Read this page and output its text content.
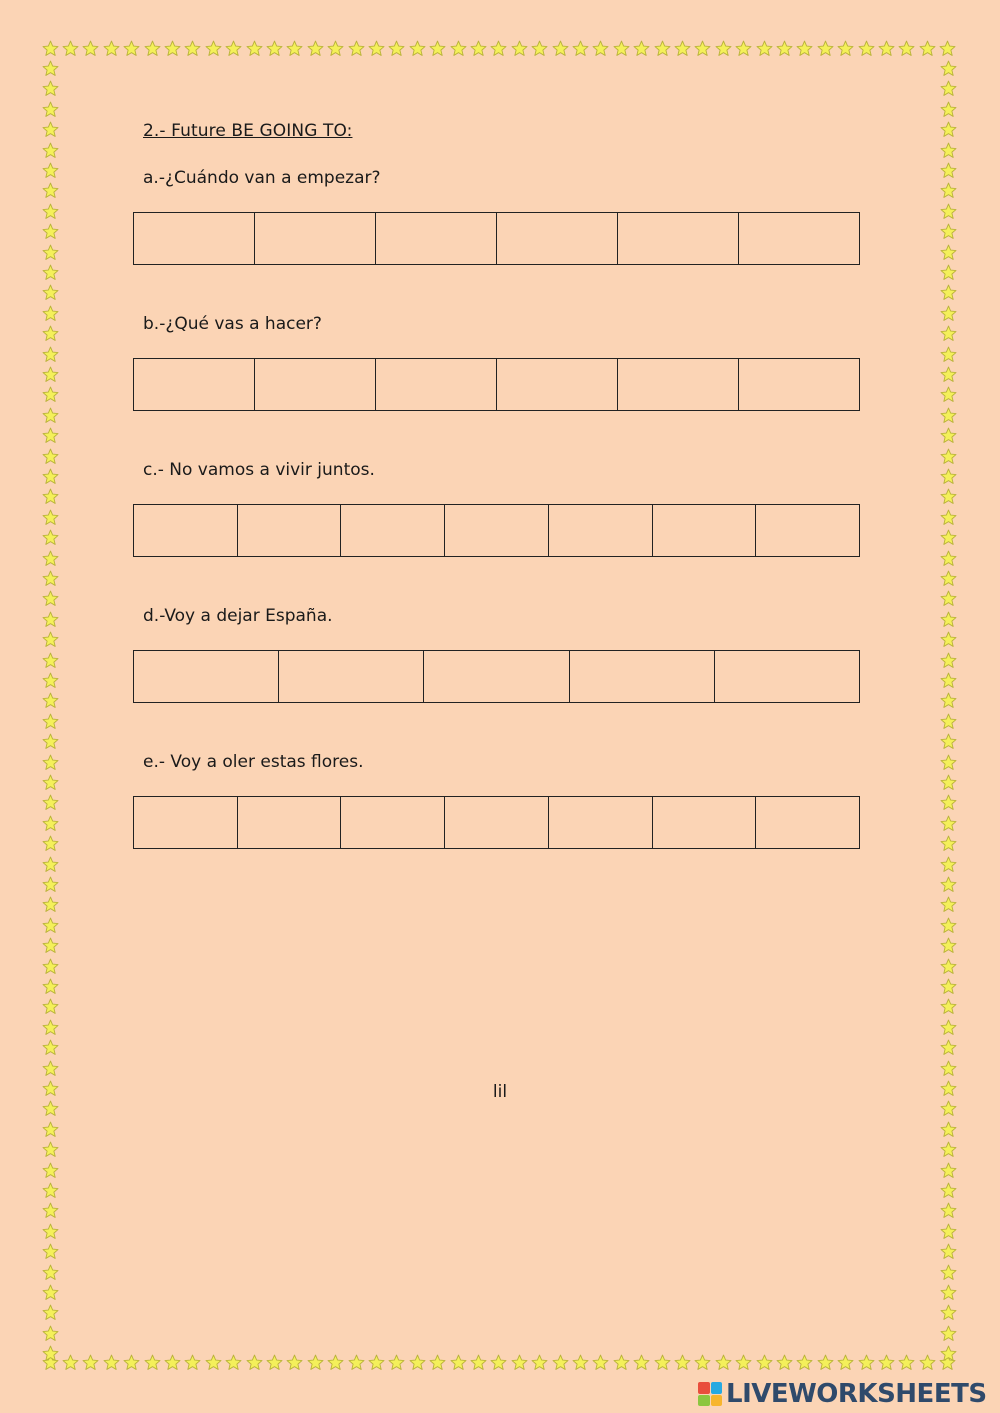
2.- Future BE GOING TO:
a.-¿Cuándo van a empezar?
b.-¿Qué vas a hacer?
c.- No vamos a vivir juntos.
d.-Voy a dejar España.
e.- Voy a oler estas flores.
lil
LIVEWORKSHEETS
